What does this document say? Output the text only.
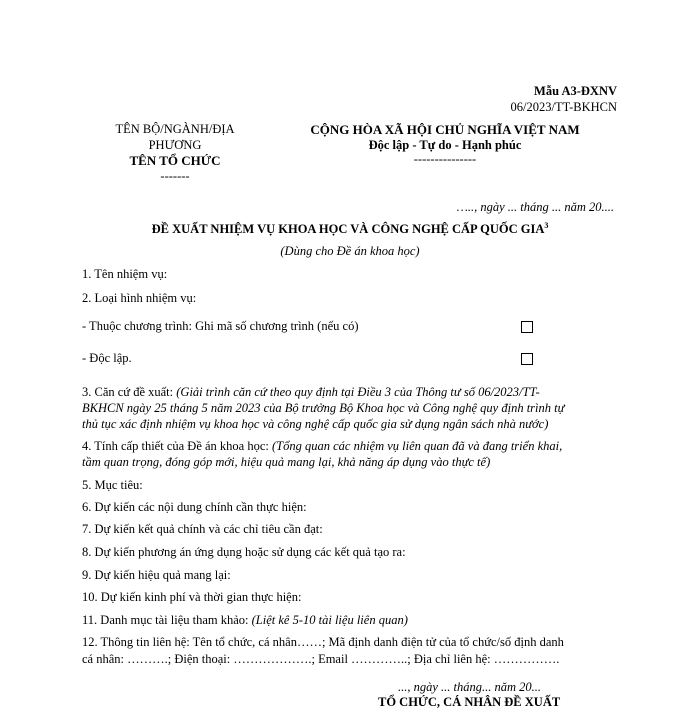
Mẫu A3-ĐXNV
06/2023/TT-BKHCN
TÊN BỘ/NGÀNH/ĐỊA
PHƯƠNG
TÊN TỔ CHỨC
-------
CỘNG HÒA XÃ HỘI CHỦ NGHĨA VIỆT NAM
Độc lập - Tự do - Hạnh phúc
---------------
….., ngày ... tháng ... năm 20....
ĐỀ XUẤT NHIỆM VỤ KHOA HỌC VÀ CÔNG NGHỆ CẤP QUỐC GIA$^3$
(Dùng cho Đề án khoa học)
1. Tên nhiệm vụ:
2. Loại hình nhiệm vụ:
- Thuộc chương trình: Ghi mã số chương trình (nếu có)
- Độc lập.
3. Căn cứ đề xuất: (Giải trình căn cứ theo quy định tại Điều 3 của Thông tư số 06/2023/TT-
BKHCN ngày 25 tháng 5 năm 2023 của Bộ trưởng Bộ Khoa học và Công nghệ quy định trình tự
thủ tục xác định nhiệm vụ khoa học và công nghệ cấp quốc gia sử dụng ngân sách nhà nước)
4. Tính cấp thiết của Đề án khoa học: (Tổng quan các nhiệm vụ liên quan đã và đang triển khai,
tầm quan trọng, đóng góp mới, hiệu quả mang lại, khả năng áp dụng vào thực tế)
5. Mục tiêu:
6. Dự kiến các nội dung chính cần thực hiện:
7. Dự kiến kết quả chính và các chỉ tiêu cần đạt:
8. Dự kiến phương án ứng dụng hoặc sử dụng các kết quả tạo ra:
9. Dự kiến hiệu quả mang lại:
10. Dự kiến kinh phí và thời gian thực hiện:
11. Danh mục tài liệu tham khảo: (Liệt kê 5-10 tài liệu liên quan)
12. Thông tin liên hệ: Tên tổ chức, cá nhân……; Mã định danh điện tử của tổ chức/số định danh
cá nhân: ……….; Điện thoại: ……………….; Email …………..; Địa chỉ liên hệ: …………….
..., ngày ... tháng... năm 20...
TỔ CHỨC, CÁ NHÂN ĐỀ XUẤT
